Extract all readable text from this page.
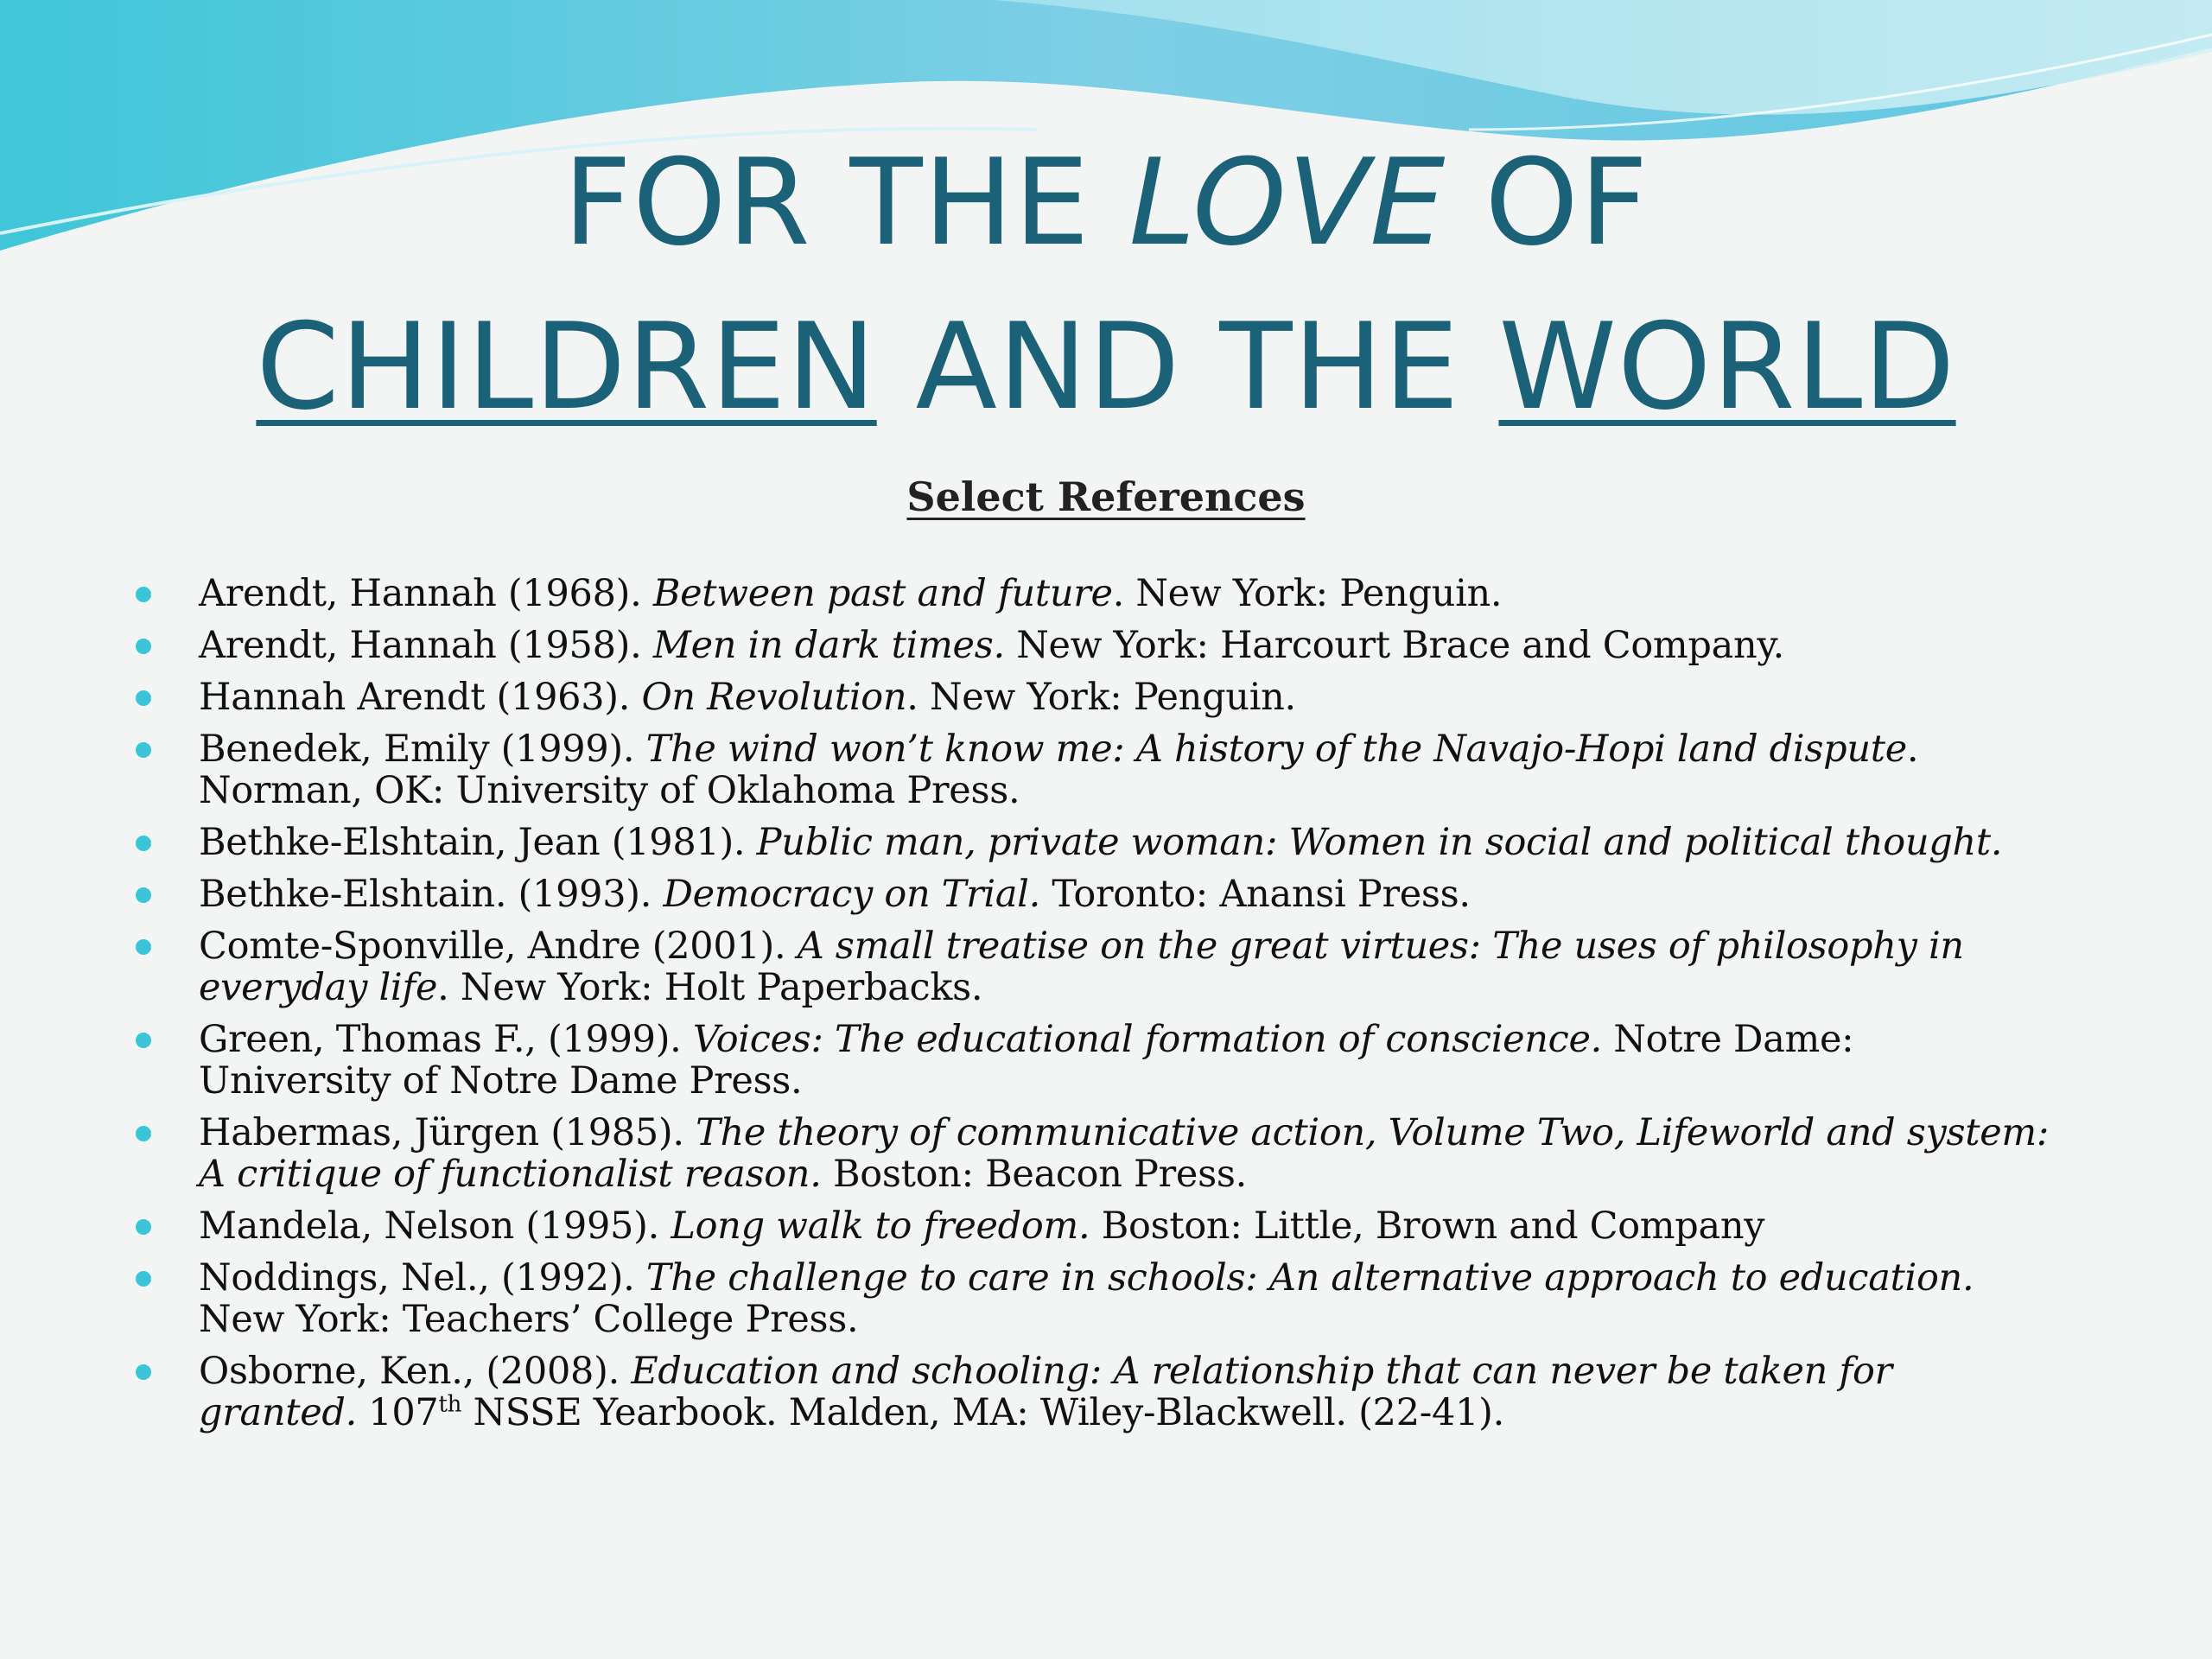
FOR THE LOVE OF
CHILDREN AND THE WORLD
Select References
Arendt, Hannah (1968). Between past and future. New York: Penguin.
Arendt, Hannah (1958). Men in dark times. New York: Harcourt Brace and Company.
Hannah Arendt (1963). On Revolution. New York: Penguin.
Benedek, Emily (1999). The wind won’t know me: A history of the Navajo-Hopi land dispute. Norman, OK: University of Oklahoma Press.
Bethke-Elshtain, Jean (1981). Public man, private woman: Women in social and political thought.
Bethke-Elshtain. (1993). Democracy on Trial. Toronto: Anansi Press.
Comte-Sponville, Andre (2001). A small treatise on the great virtues: The uses of philosophy in everyday life. New York: Holt Paperbacks.
Green, Thomas F., (1999). Voices: The educational formation of conscience. Notre Dame: University of Notre Dame Press.
Habermas, Jürgen (1985). The theory of communicative action, Volume Two, Lifeworld and system: A critique of functionalist reason. Boston: Beacon Press.
Mandela, Nelson (1995). Long walk to freedom. Boston: Little, Brown and Company
Noddings, Nel., (1992). The challenge to care in schools: An alternative approach to education. New York: Teachers’ College Press.
Osborne, Ken., (2008). Education and schooling: A relationship that can never be taken for granted. 107th NSSE Yearbook. Malden, MA: Wiley-Blackwell. (22-41).
